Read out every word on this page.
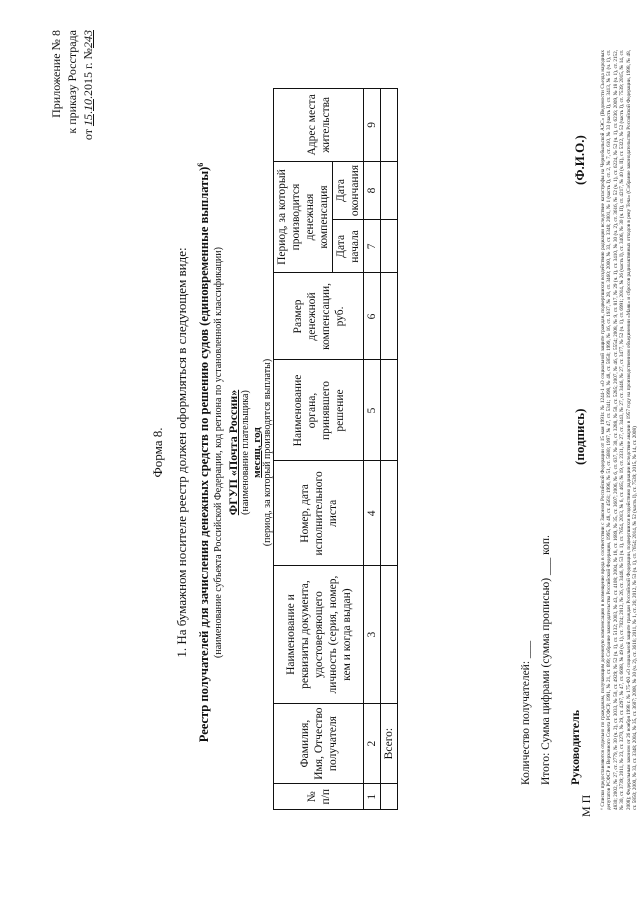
Приложение № 8 к приказу Росстрада
от 15.10.2015 г. №243
Форма 8. 1. На бумажном носителе реестр должен оформляться в следующем виде: Реестр получателей для зачисления денежных средств по решению судов (единовременные выплаты)$^6$
(наименование субъекта Российской Федерации, код региона по установленной классификации) ФГУП «Почта России» (наименование плательщика) месяц, год (период, за который производятся выплаты)
№ п/п	Фамилия, Имя, Отчество получателя	Наименование и реквизиты документа, удостоверяющего личность (серия, номер, кем и когда выдан)	Номер, дата исполнительного листа	Наименование органа, принявшего решение	Размер денежной компенсации, руб.	Период, за который производится денежная компенсация		Адрес места жительства
						Дата начала	Дата окончания	
1	2	3	4	5	6	7	8	9
	Всего:								Количество получателей: ___ Итого: Сумма цифрами (сумма прописью) ___ коп.
М П
Руководитель
(подпись)
(Ф.И.О.)	⁶ Списки предоставляются отдельно по гражданам, получающим денежную компенсацию в возмещение вреда в соответствии с Законом Российской Федерации от 15 мая 1991г. № 1244-1 «О социальной защите граждан, подвергшихся воздействию радиации вследствие катастрофы на Чернобыльской АЭС» (Ведомости Съезда народных депутатов РСФСР и Верховного Совета РСФСР, 1991, № 21, ст. 699; Собрание законодательства Российской Федерации, 1995, № 48, ст. 4561; 1996, № 51, ст. 5680; 1997, № 47, ст. 5341; 1998, № 48, ст. 5850; 1999, № 16, ст. 1937, № 28, ст. 3460; 2000, № 33, ст. 3348; 2001, № 1 (часть I), ст. 2, № 7, ст. 610, № 33 (часть I), ст. 3413, № 51 (ч. 1), ст. 4830; 2002, № 27, ст. 2779, № 30 (ч. 2), ст. 3033, № 50, ст. 4929; № 52 (ч. 1), ст. 5132; 2003, № 43, ст. 4108; 2004, № 18, ст. 1689, № 35, ст. 3607; 2006, № 6, ст. 637, № 30, ст. 3288, № 50, ст. 5285; 2007, № 46, ст. 5554; 2008, № 9, ст. 817, № 29 (ч. 1), ст. 3410, № 30 (ч. 2), ст. 3616, № 52 (ч. 1), ст. 6224, № 52 (ч. 1), ст. 6236; 2009, № 18 (ч. 1), ст. 2152, № 30, ст. 3739; 2011, № 23, ст. 3270, № 29, ст. 4297, № 47, ст. 6608, № 49 (ч. 1), ст. 7024; 2012, № 26, ст. 3446, № 53 (ч. 1), ст. 7654, 2013, № 6, ст. 465; № 19, ст. 2331, № 27, ст. 3443, № 27, ст. 3446, № 27, ст. 3477, № 52 (ч. 1), ст. 6991; 2014, № 26 (часть I), ст. 3406, № 30 (ч. II), ст. 4217, № 40 (ч. II), ст. 5322, № 52 (часть I), ст. 7539; 2015, № 14, ст. 2008); Федеральным законом от 26 ноября 1998 г. № 175-ФЗ «О социальной защите граждан Российской Федерации, подвергшихся воздействию радиации вследствие аварии в 1957 году на производственном объединении «Маяк» и сбросов радиоактивных отходов в реку Теча» (Собрание законодательства Российской Федерации, 1998, № 48, ст. 5850; 2000, № 33, ст. 3348; 2004, № 35, ст. 3607; 2008, № 30 (ч. 2), ст. 3616; 2011, № 1, ст. 26; 2012, № 53 (ч. 1), ст. 7654; 2014, № 52 (часть I), ст. 7539; 2015, № 14, ст. 2008)
